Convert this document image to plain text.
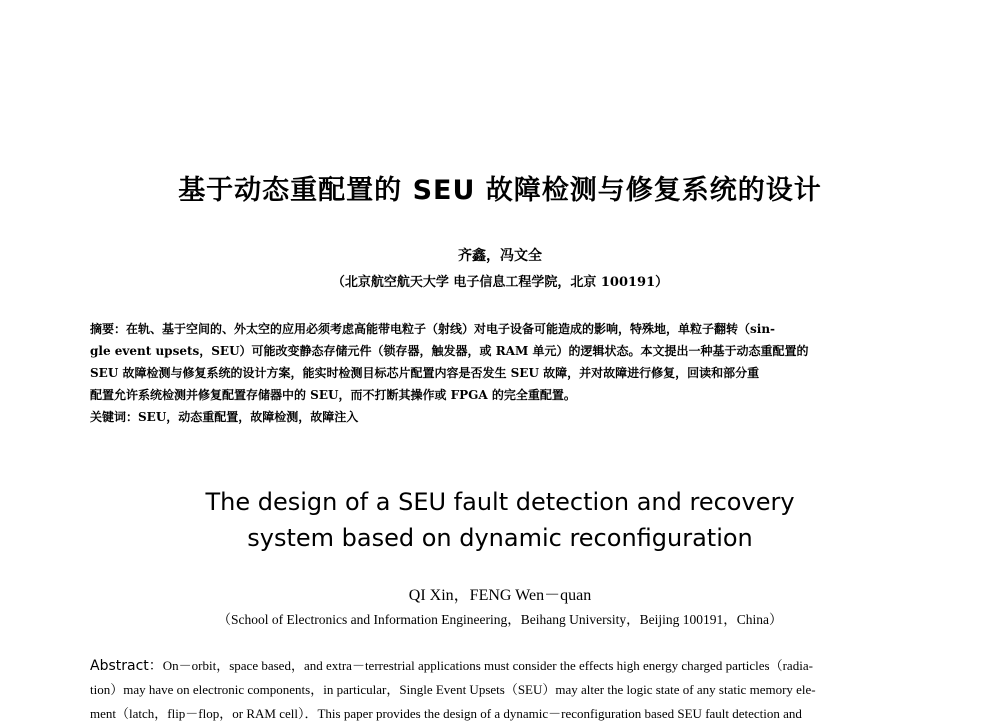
基于动态重配置的 SEU 故障检测与修复系统的设计
齐鑫，冯文全
（北京航空航天大学 电子信息工程学院，北京 100191）
摘要：在轨、基于空间的、外太空的应用必须考虑高能带电粒子（射线）对电子设备可能造成的影响，特殊地，单粒子翻转（sin-
gle event upsets，SEU）可能改变静态存储元件（锁存器，触发器，或 RAM 单元）的逻辑状态。本文提出一种基于动态重配置的
SEU 故障检测与修复系统的设计方案，能实时检测目标芯片配置内容是否发生 SEU 故障，并对故障进行修复，回读和部分重
配置允许系统检测并修复配置存储器中的 SEU，而不打断其操作或 FPGA 的完全重配置。
关键词：SEU，动态重配置，故障检测，故障注入
The design of a SEU fault detection and recovery
system based on dynamic reconfiguration
QI Xin，FENG Wen－quan
（School of Electronics and Information Engineering，Beihang University，Beijing 100191，China）
Abstract：On－orbit，space based，and extra－terrestrial applications must consider the effects high energy charged particles（radia-
tion）may have on electronic components，in particular，Single Event Upsets（SEU）may alter the logic state of any static memory ele-
ment（latch，flip－flop，or RAM cell）．This paper provides the design of a dynamic－reconfiguration based SEU fault detection and
